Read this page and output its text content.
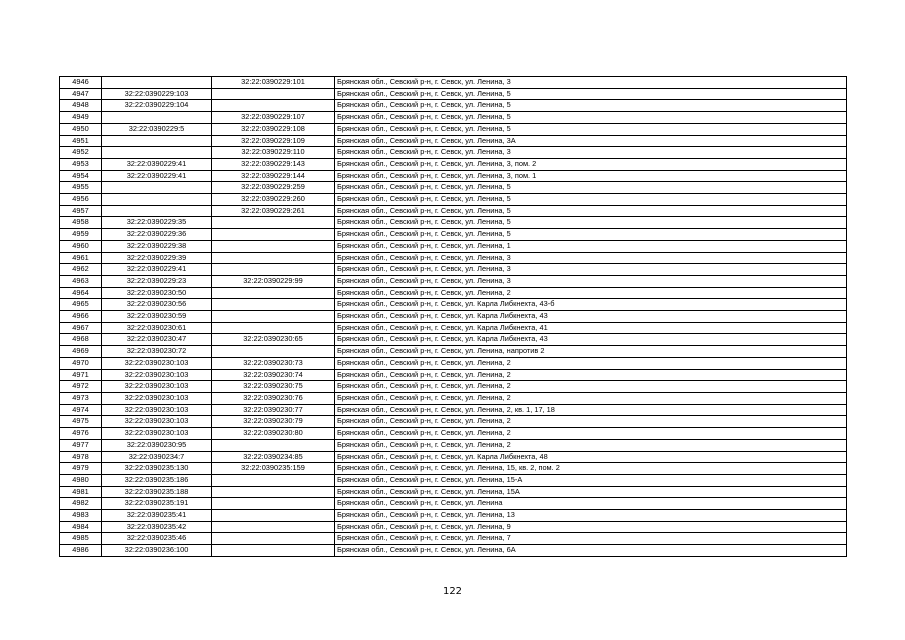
4946		32:22:0390229:101	Брянская обл., Севский р-н, г. Севск, ул. Ленина, 3
4947	32:22:0390229:103		Брянская обл., Севский р-н, г. Севск, ул. Ленина, 5
4948	32:22:0390229:104		Брянская обл., Севский р-н, г. Севск, ул. Ленина, 5
4949		32:22:0390229:107	Брянская обл., Севский р-н, г. Севск, ул. Ленина, 5
4950	32:22:0390229:5	32:22:0390229:108	Брянская обл., Севский р-н, г. Севск, ул. Ленина, 5
4951		32:22:0390229:109	Брянская обл., Севский р-н, г. Севск, ул. Ленина, 3А
4952		32:22:0390229:110	Брянская обл., Севский р-н, г. Севск, ул. Ленина, 3
4953	32:22:0390229:41	32:22:0390229:143	Брянская обл., Севский р-н, г. Севск, ул. Ленина, 3, пом. 2
4954	32:22:0390229:41	32:22:0390229:144	Брянская обл., Севский р-н, г. Севск, ул. Ленина, 3, пом. 1
4955		32:22:0390229:259	Брянская обл., Севский р-н, г. Севск, ул. Ленина, 5
4956		32:22:0390229:260	Брянская обл., Севский р-н, г. Севск, ул. Ленина, 5
4957		32:22:0390229:261	Брянская обл., Севский р-н, г. Севск, ул. Ленина, 5
4958	32:22:0390229:35		Брянская обл., Севский р-н, г. Севск, ул. Ленина, 5
4959	32:22:0390229:36		Брянская обл., Севский р-н, г. Севск, ул. Ленина, 5
4960	32:22:0390229:38		Брянская обл., Севский р-н, г. Севск, ул. Ленина, 1
4961	32:22:0390229:39		Брянская обл., Севский р-н, г. Севск, ул. Ленина, 3
4962	32:22:0390229:41		Брянская обл., Севский р-н, г. Севск, ул. Ленина, 3
4963	32:22:0390229:23	32:22:0390229:99	Брянская обл., Севский р-н, г. Севск, ул. Ленина, 3
4964	32:22:0390230:50		Брянская обл., Севский р-н, г. Севск, ул. Ленина, 2
4965	32:22:0390230:56		Брянская обл., Севский р-н, г. Севск, ул. Карла Либкнехта, 43-б
4966	32:22:0390230:59		Брянская обл., Севский р-н, г. Севск, ул. Карла Либкнехта, 43
4967	32:22:0390230:61		Брянская обл., Севский р-н, г. Севск, ул. Карла Либкнехта, 41
4968	32:22:0390230:47	32:22:0390230:65	Брянская обл., Севский р-н, г. Севск, ул. Карла Либкнехта, 43
4969	32:22:0390230:72		Брянская обл., Севский р-н, г. Севск, ул. Ленина, напротив 2
4970	32:22:0390230:103	32:22:0390230:73	Брянская обл., Севский р-н, г. Севск, ул. Ленина, 2
4971	32:22:0390230:103	32:22:0390230:74	Брянская обл., Севский р-н, г. Севск, ул. Ленина, 2
4972	32:22:0390230:103	32:22:0390230:75	Брянская обл., Севский р-н, г. Севск, ул. Ленина, 2
4973	32:22:0390230:103	32:22:0390230:76	Брянская обл., Севский р-н, г. Севск, ул. Ленина, 2
4974	32:22:0390230:103	32:22:0390230:77	Брянская обл., Севский р-н, г. Севск, ул. Ленина, 2, кв. 1, 17, 18
4975	32:22:0390230:103	32:22:0390230:79	Брянская обл., Севский р-н, г. Севск, ул. Ленина, 2
4976	32:22:0390230:103	32:22:0390230:80	Брянская обл., Севский р-н, г. Севск, ул. Ленина, 2
4977	32:22:0390230:95		Брянская обл., Севский р-н, г. Севск, ул. Ленина, 2
4978	32:22:0390234:7	32:22:0390234:85	Брянская обл., Севский р-н, г. Севск, ул. Карла Либкнехта, 48
4979	32:22:0390235:130	32:22:0390235:159	Брянская обл., Севский р-н, г. Севск, ул. Ленина, 15, кв. 2, пом. 2
4980	32:22:0390235:186		Брянская обл., Севский р-н, г. Севск, ул. Ленина, 15-А
4981	32:22:0390235:188		Брянская обл., Севский р-н, г. Севск, ул. Ленина, 15А
4982	32:22:0390235:191		Брянская обл., Севский р-н, г. Севск, ул. Ленина
4983	32:22:0390235:41		Брянская обл., Севский р-н, г. Севск, ул. Ленина, 13
4984	32:22:0390235:42		Брянская обл., Севский р-н, г. Севск, ул. Ленина, 9
4985	32:22:0390235:46		Брянская обл., Севский р-н, г. Севск, ул. Ленина, 7
4986	32:22:0390236:100		Брянская обл., Севский р-н, г. Севск, ул. Ленина, 6А
122
